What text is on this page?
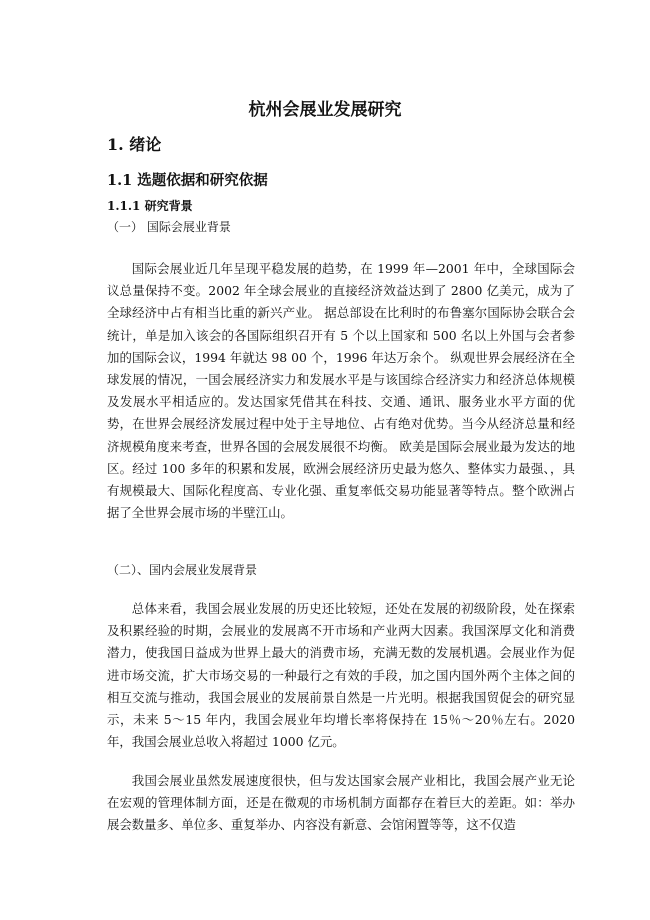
杭州会展业发展研究
1. 绪论
1.1 选题依据和研究依据
1.1.1 研究背景
（一） 国际会展业背景

国际会展业近几年呈现平稳发展的趋势，在 1999 年—2001 年中，全球国际会议总量保持不变。2002 年全球会展业的直接经济效益达到了 2800 亿美元，成为了全球经济中占有相当比重的新兴产业。 据总部设在比利时的布鲁塞尔国际协会联合会统计，单是加入该会的各国际组织召开有 5 个以上国家和 500 名以上外国与会者参加的国际会议，1994 年就达 98 00 个，1996 年达万余个。 纵观世界会展经济在全球发展的情况，一国会展经济实力和发展水平是与该国综合经济实力和经济总体规模及发展水平相适应的。发达国家凭借其在科技、交通、通讯、服务业水平方面的优势，在世界会展经济发展过程中处于主导地位、占有绝对优势。当今从经济总量和经济规模角度来考查，世界各国的会展发展很不均衡。 欧美是国际会展业最为发达的地区。经过 100 多年的积累和发展，欧洲会展经济历史最为悠久、整体实力最强、，具有规模最大、国际化程度高、专业化强、重复率低交易功能显著等特点。整个欧洲占据了全世界会展市场的半壁江山。

（二）、国内会展业发展背景

总体来看，我国会展业发展的历史还比较短，还处在发展的初级阶段，处在探索及积累经验的时期，会展业的发展离不开市场和产业两大因素。我国深厚文化和消费潜力，使我国日益成为世界上最大的消费市场，充满无数的发展机遇。会展业作为促进市场交流，扩大市场交易的一种最行之有效的手段，加之国内国外两个主体之间的相互交流与推动，我国会展业的发展前景自然是一片光明。根据我国贸促会的研究显示，未来 5～15 年内，我国会展业年均增长率将保持在 15％～20％左右。2020 年，我国会展业总收入将超过 1000 亿元。

我国会展业虽然发展速度很快，但与发达国家会展产业相比，我国会展产业无论在宏观的管理体制方面，还是在微观的市场机制方面都存在着巨大的差距。如：举办展会数量多、单位多、重复举办、内容没有新意、会馆闲置等等，这不仅造
